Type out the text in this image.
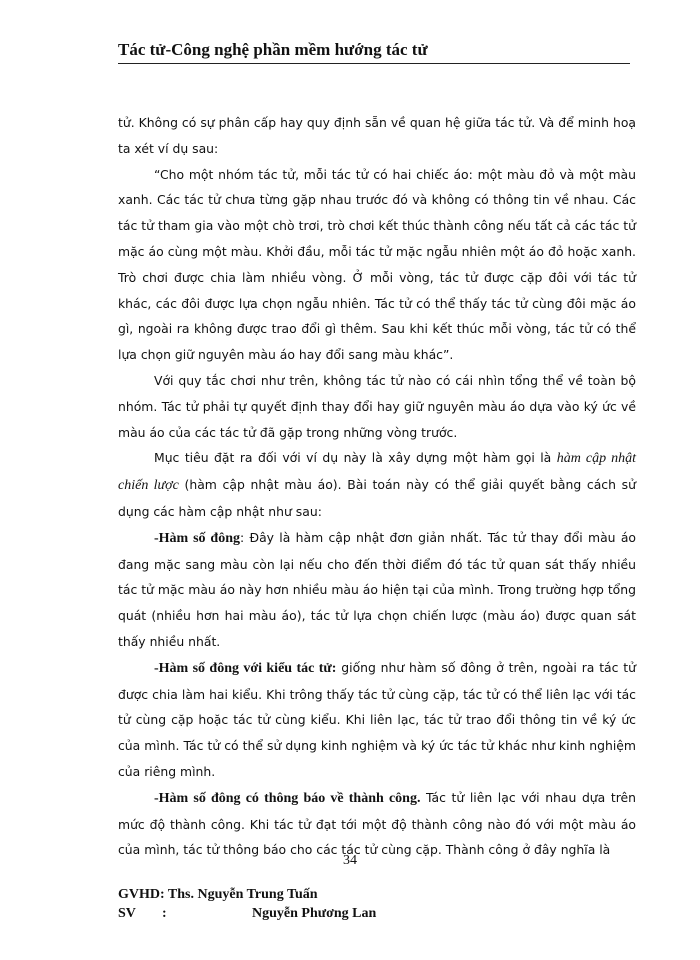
Tác tử-Công nghệ phần mềm hướng tác tử

tử. Không có sự phân cấp hay quy định sẵn về quan hệ giữa tác tử. Và để minh hoạ ta xét ví dụ sau:

“Cho một nhóm tác tử, mỗi tác tử có hai chiếc áo: một màu đỏ và một màu xanh. Các tác tử chưa từng gặp nhau trước đó và không có thông tin về nhau. Các tác tử tham gia vào một chò trơi, trò chơi kết thúc thành công nếu tất cả các tác tử mặc áo cùng một màu. Khởi đầu, mỗi tác tử mặc ngẫu nhiên một áo đỏ hoặc xanh. Trò chơi được chia làm nhiều vòng. Ở mỗi vòng, tác tử được cặp đôi với tác tử khác, các đôi được lựa chọn ngẫu nhiên. Tác tử có thể thấy tác tử cùng đôi mặc áo gì, ngoài ra không được trao đổi gì thêm. Sau khi kết thúc mỗi vòng, tác tử có thể lựa chọn giữ nguyên màu áo hay đổi sang màu khác”.

Với quy tắc chơi như trên, không tác tử nào có cái nhìn tổng thể về toàn bộ nhóm. Tác tử phải tự quyết định thay đổi hay giữ nguyên màu áo dựa vào ký ức về màu áo của các tác tử đã gặp trong những vòng trước.

Mục tiêu đặt ra đối với ví dụ này là xây dựng một hàm gọi là hàm cập nhật chiến lược (hàm cập nhật màu áo). Bài toán này có thể giải quyết bằng cách sử dụng các hàm cập nhật như sau:

-Hàm số đông: Đây là hàm cập nhật đơn giản nhất. Tác tử thay đổi màu áo đang mặc sang màu còn lại nếu cho đến thời điểm đó tác tử quan sát thấy nhiều tác tử mặc màu áo này hơn nhiều màu áo hiện tại của mình. Trong trường hợp tổng quát (nhiều hơn hai màu áo), tác tử lựa chọn chiến lược (màu áo) được quan sát thấy nhiều nhất.

-Hàm số đông với kiểu tác tử: giống như hàm số đông ở trên, ngoài ra tác tử được chia làm hai kiểu. Khi trông thấy tác tử cùng cặp, tác tử có thể liên lạc với tác tử cùng cặp hoặc tác tử cùng kiểu. Khi liên lạc, tác tử trao đổi thông tin về ký ức của mình. Tác tử có thể sử dụng kinh nghiệm và ký ức tác tử khác như kinh nghiệm của riêng mình.

-Hàm số đông có thông báo về thành công. Tác tử liên lạc với nhau dựa trên mức độ thành công. Khi tác tử đạt tới một độ thành công nào đó với một màu áo của mình, tác tử thông báo cho các tác tử cùng cặp. Thành công ở đây nghĩa là

34
GVHD: Ths. Nguyễn Trung Tuấn
SV :	Nguyễn Phương Lan
